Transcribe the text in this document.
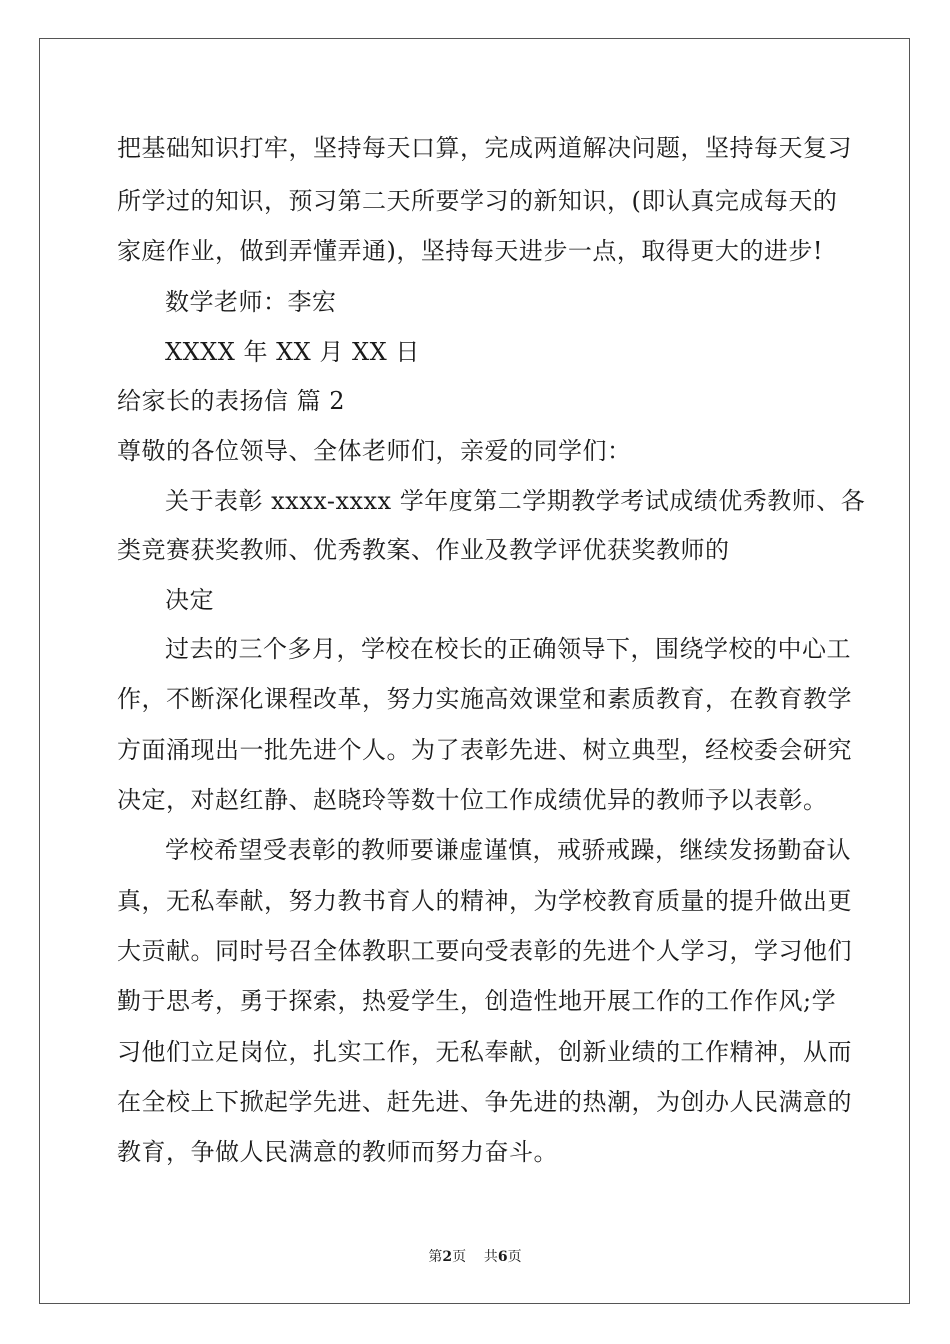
把基础知识打牢，坚持每天口算，完成两道解决问题，坚持每天复习
所学过的知识，预习第二天所要学习的新知识，(即认真完成每天的
家庭作业，做到弄懂弄通)，坚持每天进步一点，取得更大的进步!
数学老师：李宏
XXXX 年 XX 月 XX 日
给家长的表扬信 篇 2
尊敬的各位领导、全体老师们，亲爱的同学们：
关于表彰 xxxx-xxxx 学年度第二学期教学考试成绩优秀教师、各
类竞赛获奖教师、优秀教案、作业及教学评优获奖教师的
决定
过去的三个多月，学校在校长的正确领导下，围绕学校的中心工
作，不断深化课程改革，努力实施高效课堂和素质教育，在教育教学
方面涌现出一批先进个人。为了表彰先进、树立典型，经校委会研究
决定，对赵红静、赵晓玲等数十位工作成绩优异的教师予以表彰。
学校希望受表彰的教师要谦虚谨慎，戒骄戒躁，继续发扬勤奋认
真，无私奉献，努力教书育人的精神，为学校教育质量的提升做出更
大贡献。同时号召全体教职工要向受表彰的先进个人学习，学习他们
勤于思考，勇于探索，热爱学生，创造性地开展工作的工作作风;学
习他们立足岗位，扎实工作，无私奉献，创新业绩的工作精神，从而
在全校上下掀起学先进、赶先进、争先进的热潮，为创办人民满意的
教育，争做人民满意的教师而努力奋斗。
第2页 共6页
